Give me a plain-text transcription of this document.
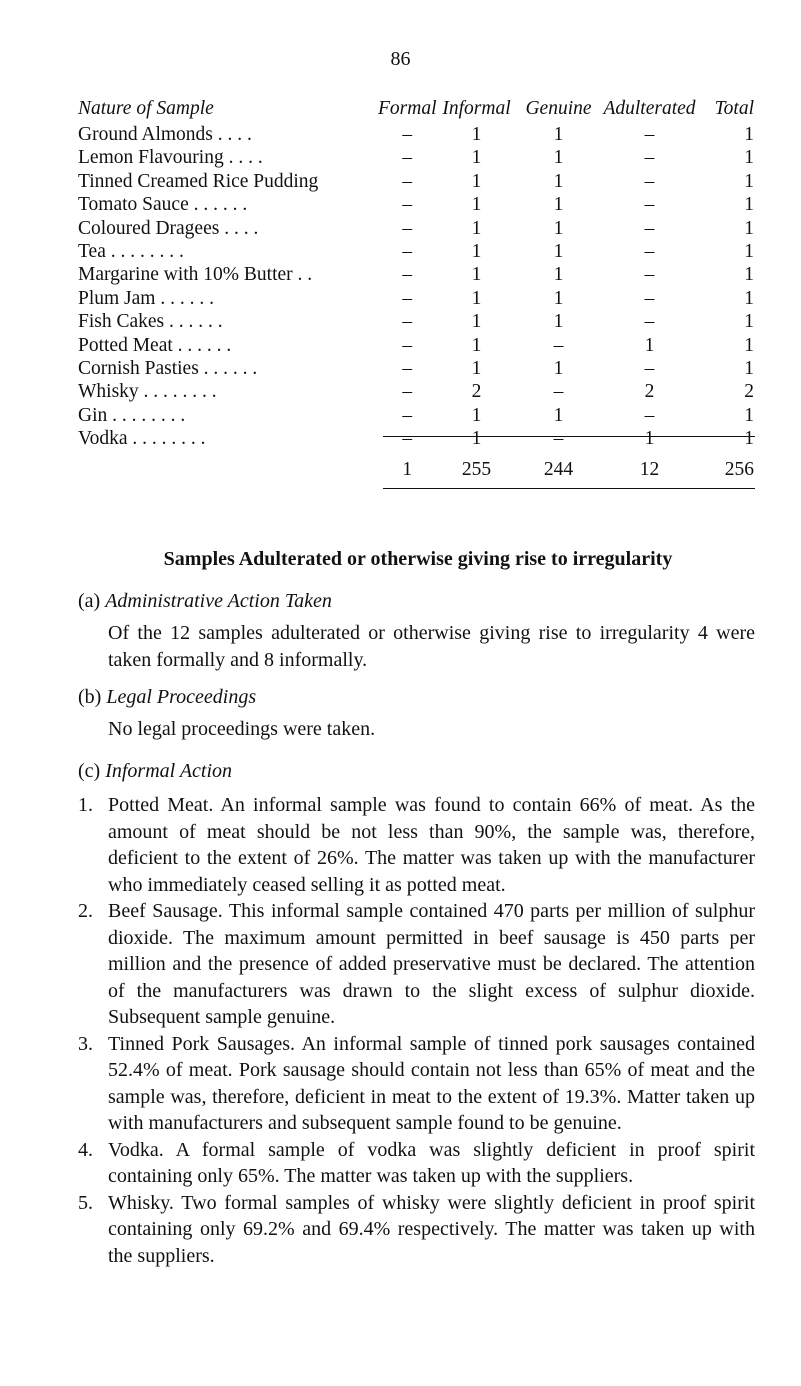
86
Nature of Sample	Formal	Informal	Genuine	Adulterated	Total
Ground Almonds . . . .	–	1	1	–	1
Lemon Flavouring . . . .	–	1	1	–	1
Tinned Creamed Rice Pudding	–	1	1	–	1
Tomato Sauce . . . . . .	–	1	1	–	1
Coloured Dragees . . . .	–	1	1	–	1
Tea . . . . . . . .	–	1	1	–	1
Margarine with 10% Butter . .	–	1	1	–	1
Plum Jam . . . . . .	–	1	1	–	1
Fish Cakes . . . . . .	–	1	1	–	1
Potted Meat . . . . . .	–	1	–	1	1
Cornish Pasties . . . . . .	–	1	1	–	1
Whisky . . . . . . . .	–	2	–	2	2
Gin . . . . . . . .	–	1	1	–	1
Vodka . . . . . . . .	–	1	–	1	1
	1	255	244	12	256
Samples Adulterated or otherwise giving rise to irregularity
(a) Administrative Action Taken
Of the 12 samples adulterated or otherwise giving rise to irregularity 4 were taken formally and 8 informally.
(b) Legal Proceedings
No legal proceedings were taken.
(c) Informal Action
1. Potted Meat. An informal sample was found to contain 66% of meat. As the amount of meat should be not less than 90%, the sample was, therefore, deficient to the extent of 26%. The matter was taken up with the manufacturer who immediately ceased selling it as potted meat.
2. Beef Sausage. This informal sample contained 470 parts per million of sulphur dioxide. The maximum amount permitted in beef sausage is 450 parts per million and the presence of added preservative must be declared. The attention of the manufacturers was drawn to the slight excess of sulphur dioxide. Subsequent sample genuine.
3. Tinned Pork Sausages. An informal sample of tinned pork sausages contained 52.4% of meat. Pork sausage should contain not less than 65% of meat and the sample was, therefore, deficient in meat to the extent of 19.3%. Matter taken up with manufacturers and subsequent sample found to be genuine.
4. Vodka. A formal sample of vodka was slightly deficient in proof spirit containing only 65%. The matter was taken up with the suppliers.
5. Whisky. Two formal samples of whisky were slightly deficient in proof spirit containing only 69.2% and 69.4% respectively. The matter was taken up with the suppliers.
